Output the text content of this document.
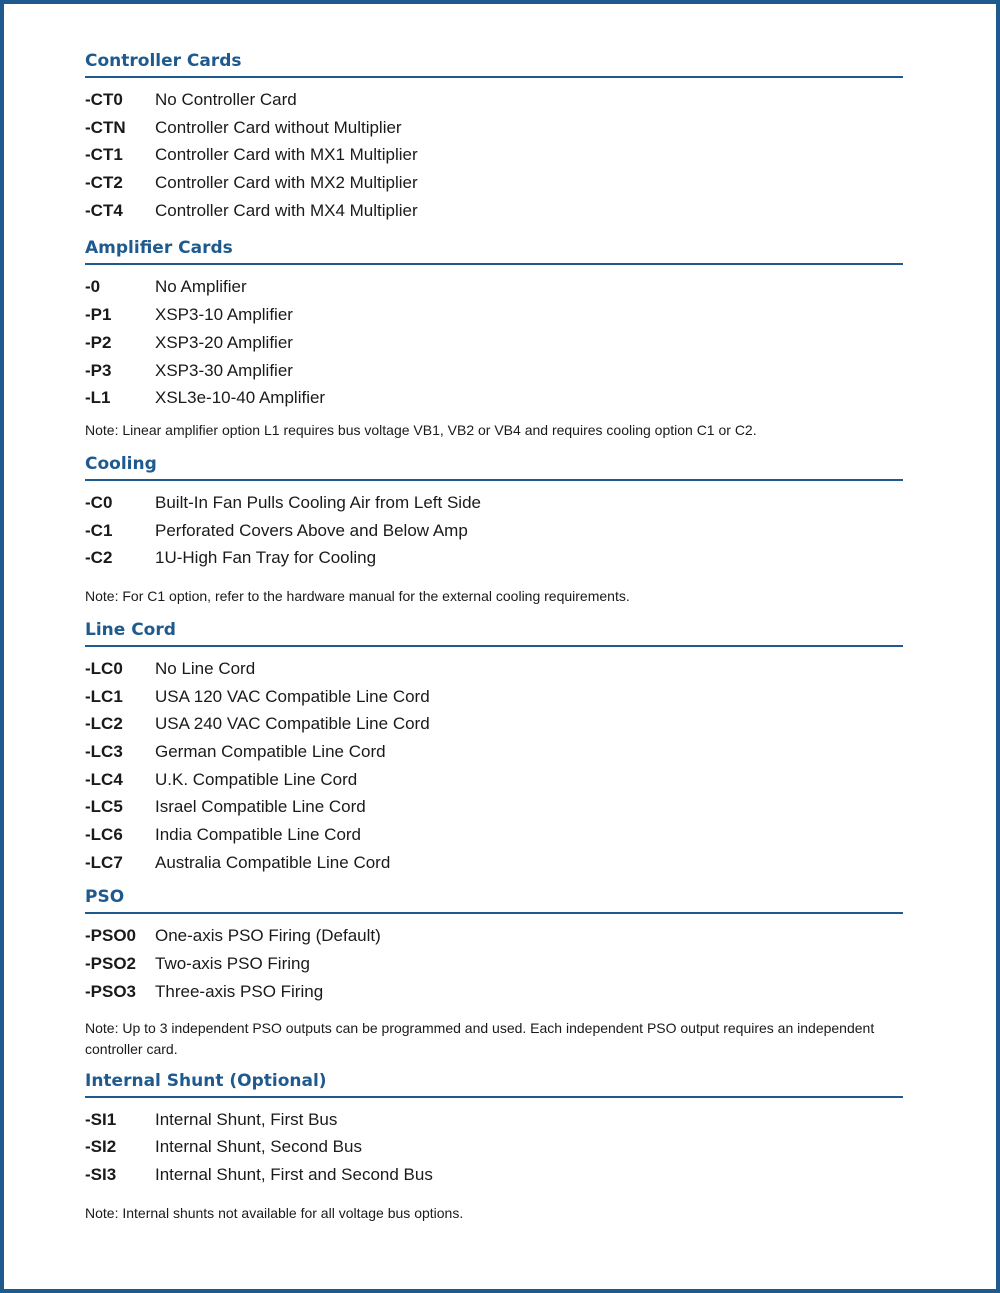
Controller Cards
-CT0	No Controller Card
-CTN	Controller Card without Multiplier
-CT1	Controller Card with MX1 Multiplier
-CT2	Controller Card with MX2 Multiplier
-CT4	Controller Card with MX4 Multiplier
Amplifier Cards
-0	No Amplifier
-P1	XSP3-10 Amplifier
-P2	XSP3-20 Amplifier
-P3	XSP3-30 Amplifier
-L1	XSL3e-10-40 Amplifier
Note: Linear amplifier option L1 requires bus voltage VB1, VB2 or VB4 and requires cooling option C1 or C2.
Cooling
-C0	Built-In Fan Pulls Cooling Air from Left Side
-C1	Perforated Covers Above and Below Amp
-C2	1U-High Fan Tray for Cooling
Note: For C1 option, refer to the hardware manual for the external cooling requirements.
Line Cord
-LC0	No Line Cord
-LC1	USA 120 VAC Compatible Line Cord
-LC2	USA 240 VAC Compatible Line Cord
-LC3	German Compatible Line Cord
-LC4	U.K. Compatible Line Cord
-LC5	Israel Compatible Line Cord
-LC6	India Compatible Line Cord
-LC7	Australia Compatible Line Cord
PSO
-PSO0	One-axis PSO Firing (Default)
-PSO2	Two-axis PSO Firing
-PSO3	Three-axis PSO Firing
Note: Up to 3 independent PSO outputs can be programmed and used. Each independent PSO output requires an independent controller card.
Internal Shunt (Optional)
-SI1	Internal Shunt, First Bus
-SI2	Internal Shunt, Second Bus
-SI3	Internal Shunt, First and Second Bus
Note: Internal shunts not available for all voltage bus options.
